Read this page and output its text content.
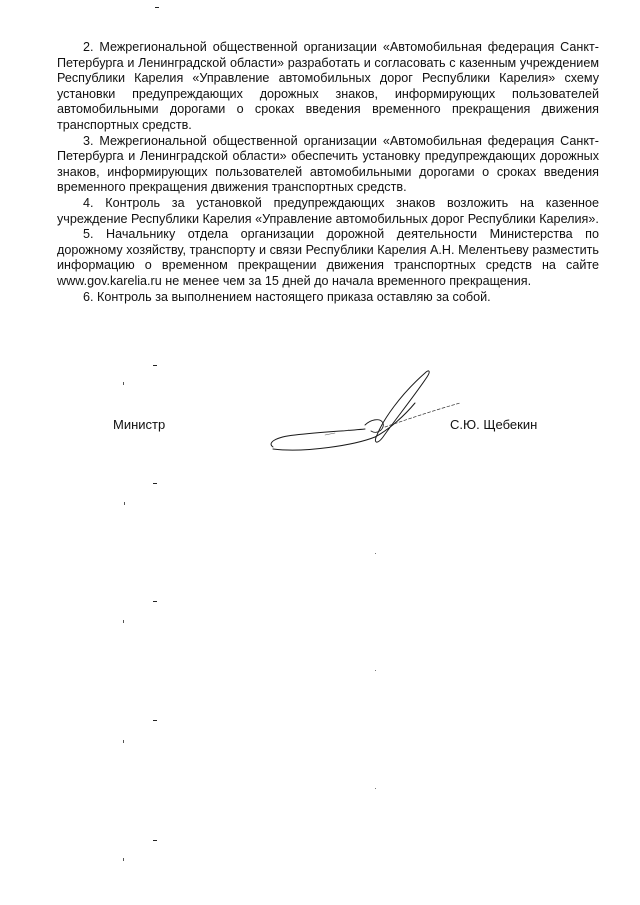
2. Межрегиональной общественной организации «Автомобильная федерация Санкт-Петербурга и Ленинградской области» разработать и согласовать с казенным учреждением Республики Карелия «Управление автомобильных дорог Республики Карелия» схему установки предупреждающих дорожных знаков, информирующих пользователей автомобильными дорогами о сроках введения временного прекращения движения транспортных средств.

3. Межрегиональной общественной организации «Автомобильная федерация Санкт-Петербурга и Ленинградской области» обеспечить установку предупреждающих дорожных знаков, информирующих пользователей автомобильными дорогами о сроках введения временного прекращения движения транспортных средств.

4. Контроль за установкой предупреждающих знаков возложить на казенное учреждение Республики Карелия «Управление автомобильных дорог Республики Карелия».

5. Начальнику отдела организации дорожной деятельности Министерства по дорожному хозяйству, транспорту и связи Республики Карелия А.Н. Мелентьеву разместить информацию о временном прекращении движения транспортных средств на сайте www.gov.karelia.ru не менее чем за 15 дней до начала временного прекращения.

6. Контроль за выполнением настоящего приказа оставляю за собой.

Министр	С.Ю. Щебекин
